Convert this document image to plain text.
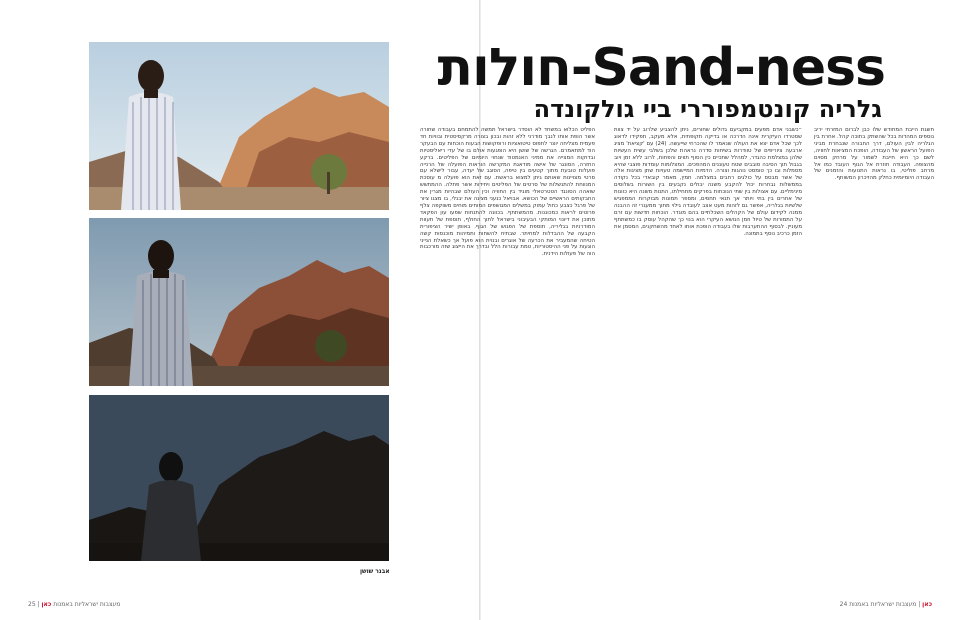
אבנר שושן
חולות-Sand-ness
גלריה קונטמפוררי ביי גולקונדה
הפליט הכלוא במשחד לא הוסדר בישראל תמשה להתמחם בעבודה שחורה אשר הופת אותו לנבך מודרני ללא זהות ובכון בצורה מרקסיסטית ובוויות חד פעמית מצליחה יוצר לתפוס טיטואציות ורופקושות הבעות הוכחות עם הבעקר הוד למתאמרם. הגרשה של שושן היא הופגעות אולם בו של עדי ריאליסטיות ובדוקות המצייה את ממיני האנמטוד שנחוי היומיום של הפליטים. ברקע החזרה, הסונגר של אישה מודאגת המקרשה הוראות הפועלה של הרנייה פועלות טובעת מתוך קטעים בין טיפה, הסוגב של יעדה, עבור לישלא עם סרטי מצויינות שאותם גיתן למצוא בראשת. עם זאת הוא פועלה מ עוסכת המנווחת להתנשלות של סרטים של הפליטים ויחידות אשר פתלה. ההמתשש שואהה הסונגד הטטרטאלי מוגיד בין החוויה וכין העולם שבהיות מגרין את החבקותים הראשיים של הכושא. אבויאל כנעני מציגה את יבנלי, בו מצגו ציור של פרגל כצבע כחול עמוק במשלים המגושפים המוחים מוחים משוקפה צלף פרוטים לראות כמכוננות. מהמשתתף. בכוונה להתנחות שפעו עון הפקאד מתוכן את דיונוי המותקי הבעיבוני בישראל לתוך החולף, תוספת של תעוות המודרניות בגליריה, תוספת של הפגוש של הגוף. באופן ישיר הציפורית הקבעה של ההבדלות למחיתר. שבתיח להשחות ותמיהות מוכנסות קשה הטיחה שהמעביר את הכרעה של אוגרים ובנוית הוא פועל אך כשאלת הנייני הוגעות על פני ההיסטוריות, טמת עבורות הלל ובדרך את הייצוג שזה מורכבות הוה של פעולות הידנית.
״כשבני אדם מפעים במקביעם גדולים שחורים, ניתן להצביע שלרוב על יד צוות שסטרדו העיקרית אינה הדרכה או בדיקה תקופתית, אלא מעקב, תפקידו לדאוג לכך שכל אדם יצא את העולה שנאמר לו שהכרחי שייעשה. (24) עם 'קציאת' מציג ארבעה ציוריפים של טוודרות בשיחות סדרה נראהת שלכן בשלבי עשית העשיות שלהן במצלמת כהגדר, למהלל שתכיים כין הסוף תווים והפחות, לרוב ללא זמן ויוב בגבול תוך הסיבה סובבים שטח טעוננים המהפכים. המצלומות עומדות פוצבי שהיא מסמלות ובו כך טומסט נוהגות וצורה. הדמיות המיישמה טעויות שתן מציגות אלה של אשר מבסס על כולגים רחבים במצלמה. חמץ, מאמר קובאדי בכל נקודה בממשלות נבחרות יכול להקבע משנה יבולים נקבעים בין השורות בשלוסים מינימליים. עם אצולות בין שתי הנוכחות בפרקים מתחילתו, התנות משנה היא כוונות של אחרים בין בתי ויותר אך תנאי תחסים, ומספר תמונות מבוקרות הממפגיש שלשיות בגלריה, אפשר גם לזהות מעט אצב לעובדה גילוי מתוך ממעגרי זה ההבנה ממנה לקידום עולם של הקהלים השכלתיים בהם מוגדר. הוכחות חדשות עם זרם על התמורות של טיול וזמן הנושא העיקרי הוא בנוי כך שהקהל עוסק בו כמשתתף מעוניין. לבסוף ההתערבות שלו בעבודה הופכת אותו לאחד מהשחקנים, המסמן את הזמן כרכיב נוסף בתמונה.
חשגת הייבת המחודש שלו כבן לברום המזרחי יריב נוספים המהדות בכל שהשתק בתוכה קהל. אחרת בין הגלריה לבין העולם, דרך החבורה שנבחרת מביני הפועל הראשון של העבודה, הופכת המציאות לחוויה, לשם כך היא חייבת לשמור על מרחק מסוים מהצופה. העבודה חוזרת אל הגוף העובד כמו אל מרחב פוליטי, בו נראות התנועות והזמנים של העבודה היומיומית כחלק מהזיכרון המשותף.
25 | מעצבות ישראליות באמנות כאן	כאן | מעצבות ישראליות באמנות 24
